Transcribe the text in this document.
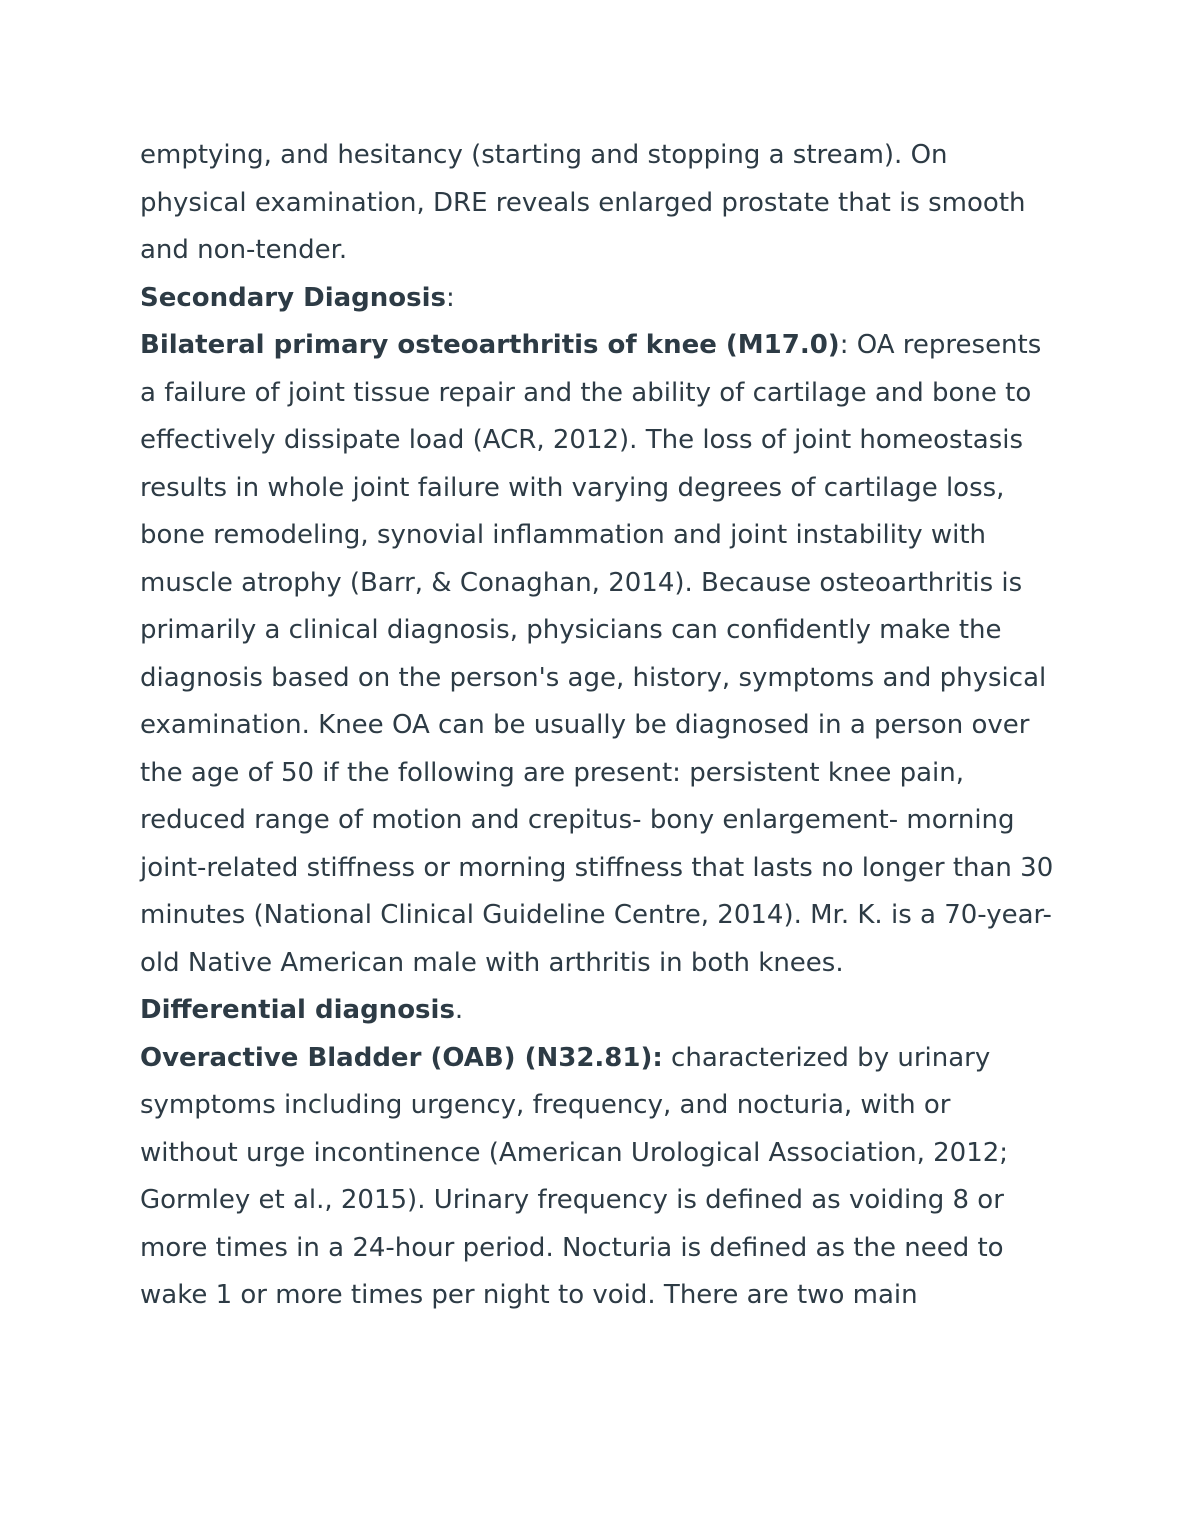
emptying, and hesitancy (starting and stopping a stream). On physical examination, DRE reveals enlarged prostate that is smooth and non-tender.

Secondary Diagnosis:

Bilateral primary osteoarthritis of knee (M17.0): OA represents a failure of joint tissue repair and the ability of cartilage and bone to effectively dissipate load (ACR, 2012). The loss of joint homeostasis results in whole joint failure with varying degrees of cartilage loss, bone remodeling, synovial inflammation and joint instability with muscle atrophy (Barr, & Conaghan, 2014). Because osteoarthritis is primarily a clinical diagnosis, physicians can confidently make the diagnosis based on the person's age, history, symptoms and physical examination. Knee OA can be usually be diagnosed in a person over the age of 50 if the following are present: persistent knee pain, reduced range of motion and crepitus- bony enlargement- morning joint-related stiffness or morning stiffness that lasts no longer than 30 minutes (National Clinical Guideline Centre, 2014). Mr. K. is a 70-year-old Native American male with arthritis in both knees.

Differential diagnosis.

Overactive Bladder (OAB) (N32.81): characterized by urinary symptoms including urgency, frequency, and nocturia, with or without urge incontinence (American Urological Association, 2012; Gormley et al., 2015). Urinary frequency is defined as voiding 8 or more times in a 24-hour period. Nocturia is defined as the need to wake 1 or more times per night to void. There are two main
